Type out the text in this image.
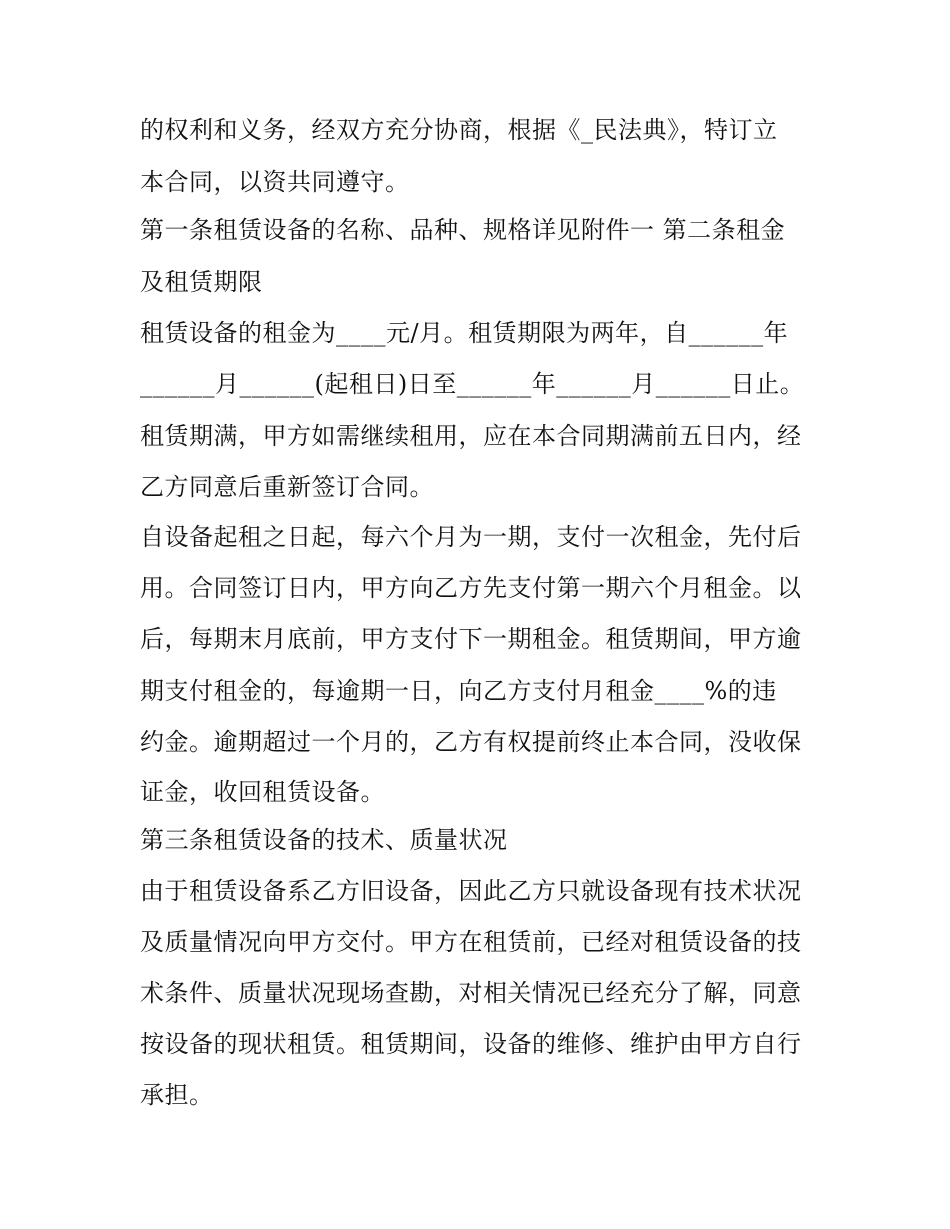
的权利和义务，经双方充分协商，根据《_民法典》，特订立

本合同，以资共同遵守。

第一条租赁设备的名称、品种、规格详见附件一 第二条租金

及租赁期限

租赁设备的租金为____元/月。租赁期限为两年，自______年

______月______(起租日)日至______年______月______日止。

租赁期满，甲方如需继续租用，应在本合同期满前五日内，经

乙方同意后重新签订合同。

自设备起租之日起，每六个月为一期，支付一次租金，先付后

用。合同签订日内，甲方向乙方先支付第一期六个月租金。以

后，每期末月底前，甲方支付下一期租金。租赁期间，甲方逾

期支付租金的，每逾期一日，向乙方支付月租金____%的违

约金。逾期超过一个月的，乙方有权提前终止本合同，没收保

证金，收回租赁设备。

第三条租赁设备的技术、质量状况

由于租赁设备系乙方旧设备，因此乙方只就设备现有技术状况

及质量情况向甲方交付。甲方在租赁前，已经对租赁设备的技

术条件、质量状况现场查勘，对相关情况已经充分了解，同意

按设备的现状租赁。租赁期间，设备的维修、维护由甲方自行

承担。
